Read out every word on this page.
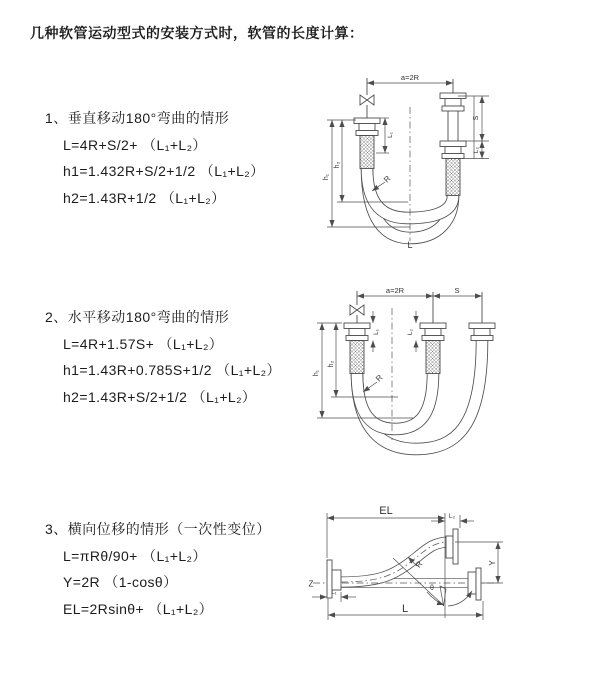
几种软管运动型式的安装方式时，软管的长度计算：
1、垂直移动180°弯曲的情形
L=4R+S/2+ （L₁+L₂）
h1=1.432R+S/2+1/2 （L₁+L₂）
h2=1.43R+1/2 （L₁+L₂）
2、水平移动180°弯曲的情形
L=4R+1.57S+ （L₁+L₂）
h1=1.43R+0.785S+1/2 （L₁+L₂）
h2=1.43R+S/2+1/2 （L₁+L₂）
3、横向位移的情形（一次性变位）
L=πRθ/90+ （L₁+L₂）
Y=2R （1-cosθ）
EL=2Rsinθ+ （L₁+L₂）
a=2R
h₁
h₂
L₁
S
L₂
R
L
a=2R	S
h₁
h₂
L₁	L₂
R
Z	θ
EL	L₂
Y
L
L₁
R
